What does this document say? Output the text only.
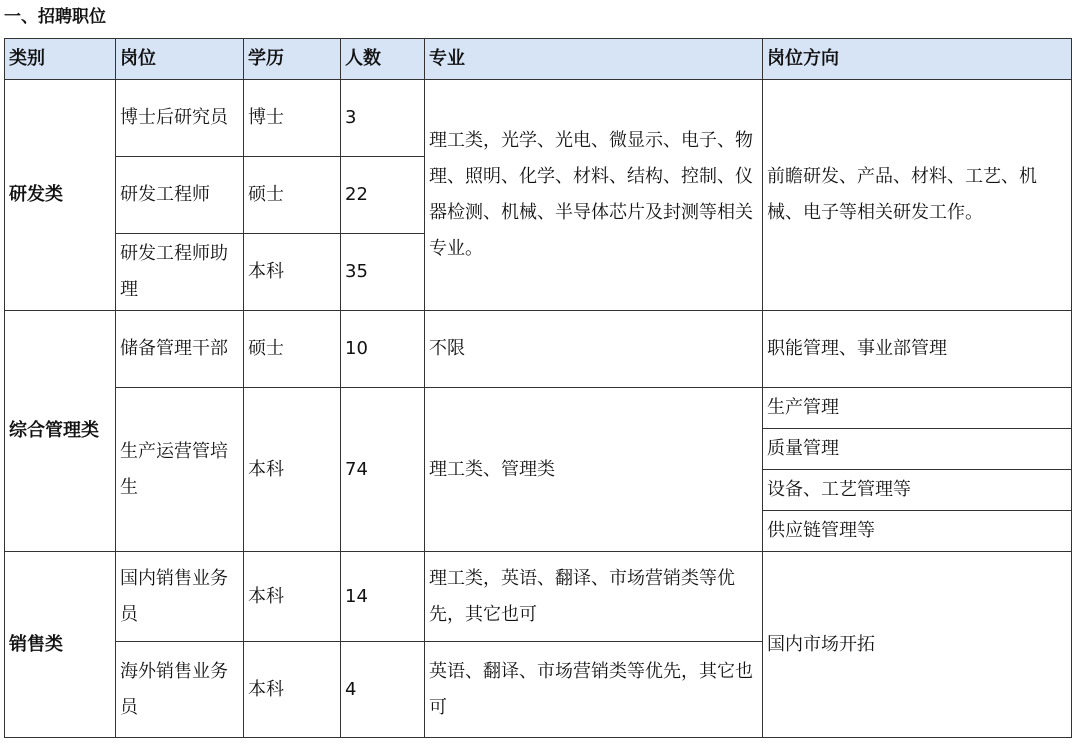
一、招聘职位
类别	岗位	学历	人数	专业	岗位方向
研发类	博士后研究员	博士	3	理工类，光学、光电、微显示、电子、物理、照明、化学、材料、结构、控制、仪器检测、机械、半导体芯片及封测等相关专业。	前瞻研发、产品、材料、工艺、机械、电子等相关研发工作。
	研发工程师	硕士	22		
	研发工程师助理	本科	35		
综合管理类	储备管理干部	硕士	10	不限	职能管理、事业部管理
	生产运营管培生	本科	74	理工类、管理类	生产管理
					质量管理
					设备、工艺管理等
					供应链管理等
销售类	国内销售业务员	本科	14	理工类，英语、翻译、市场营销类等优先，其它也可	国内市场开拓
	海外销售业务员	本科	4	英语、翻译、市场营销类等优先，其它也可	
